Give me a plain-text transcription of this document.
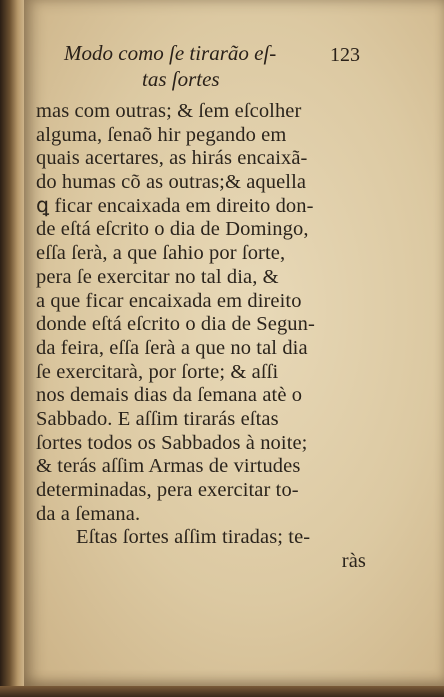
Modo como ſe tirarão eſ-
tas ſortes
123
mas com outras; & ſem eſcolher
alguma, ſenaõ hir pegando em
quais acertares, as hirás encaixã-
do humas cõ as outras;& aquella
ꝗ ficar encaixada em direito don-
de eſtá eſcrito o dia de Domingo,
eſſa ſerà, a que ſahio por ſorte,
pera ſe exercitar no tal dia, &
a que ficar encaixada em direito
donde eſtá eſcrito o dia de Segun-
da feira, eſſa ſerà a que no tal dia
ſe exercitarà, por ſorte; & aſſi
nos demais dias da ſemana atè o
Sabbado. E aſſim tirarás eſtas
ſortes todos os Sabbados à noite;
& terás aſſim Armas de virtudes
determinadas, pera exercitar to-
da a ſemana.
Eſtas ſortes aſſim tiradas; te-
ràs
